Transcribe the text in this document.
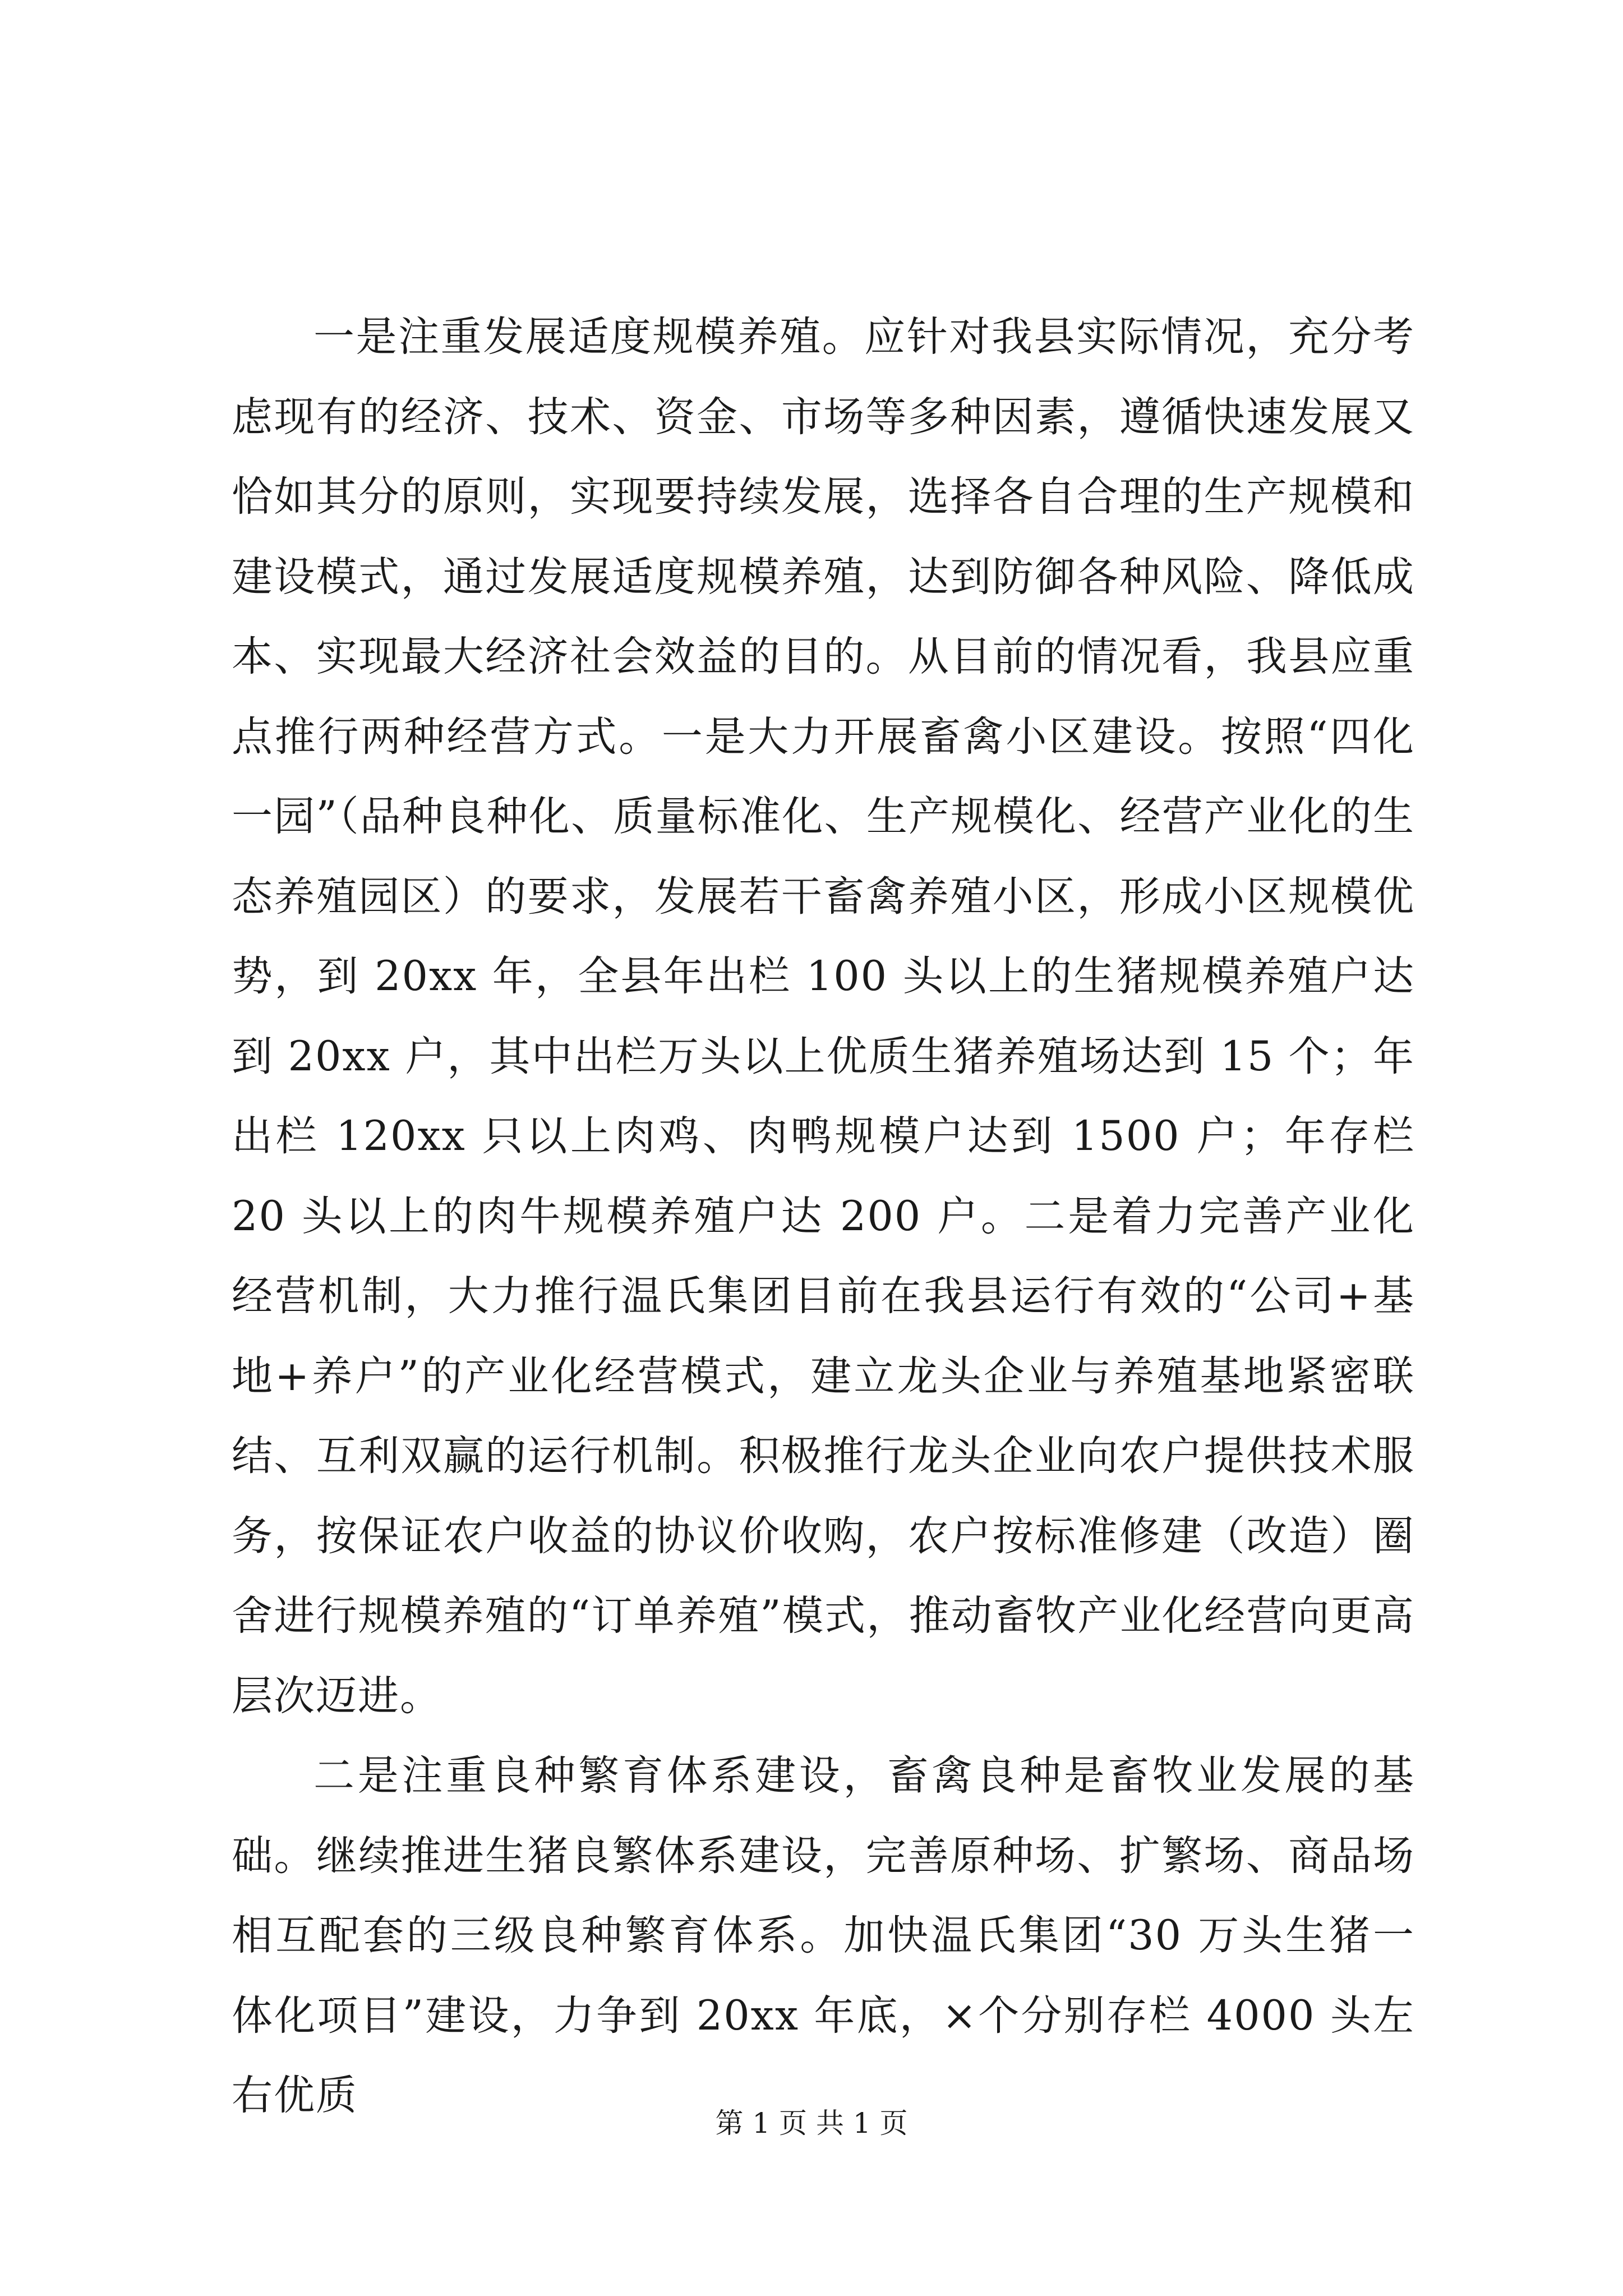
一是注重发展适度规模养殖。应针对我县实际情况，充分考虑现有的经济、技术、资金、市场等多种因素，遵循快速发展又恰如其分的原则，实现要持续发展，选择各自合理的生产规模和建设模式，通过发展适度规模养殖，达到防御各种风险、降低成本、实现最大经济社会效益的目的。从目前的情况看，我县应重点推行两种经营方式。一是大力开展畜禽小区建设。按照“四化一园”（品种良种化、质量标准化、生产规模化、经营产业化的生态养殖园区）的要求，发展若干畜禽养殖小区，形成小区规模优势，到 20xx 年，全县年出栏 100 头以上的生猪规模养殖户达到 20xx 户，其中出栏万头以上优质生猪养殖场达到 15 个；年出栏 120xx 只以上肉鸡、肉鸭规模户达到 1500 户；年存栏 20 头以上的肉牛规模养殖户达 200 户。二是着力完善产业化经营机制，大力推行温氏集团目前在我县运行有效的“公司+基地+养户”的产业化经营模式，建立龙头企业与养殖基地紧密联结、互利双赢的运行机制。积极推行龙头企业向农户提供技术服务，按保证农户收益的协议价收购，农户按标准修建（改造）圈舍进行规模养殖的“订单养殖”模式，推动畜牧产业化经营向更高层次迈进。

二是注重良种繁育体系建设，畜禽良种是畜牧业发展的基础。继续推进生猪良繁体系建设，完善原种场、扩繁场、商品场相互配套的三级良种繁育体系。加快温氏集团“30 万头生猪一体化项目”建设，力争到 20xx 年底，×个分别存栏 4000 头左右优质

第 1 页 共 1 页
